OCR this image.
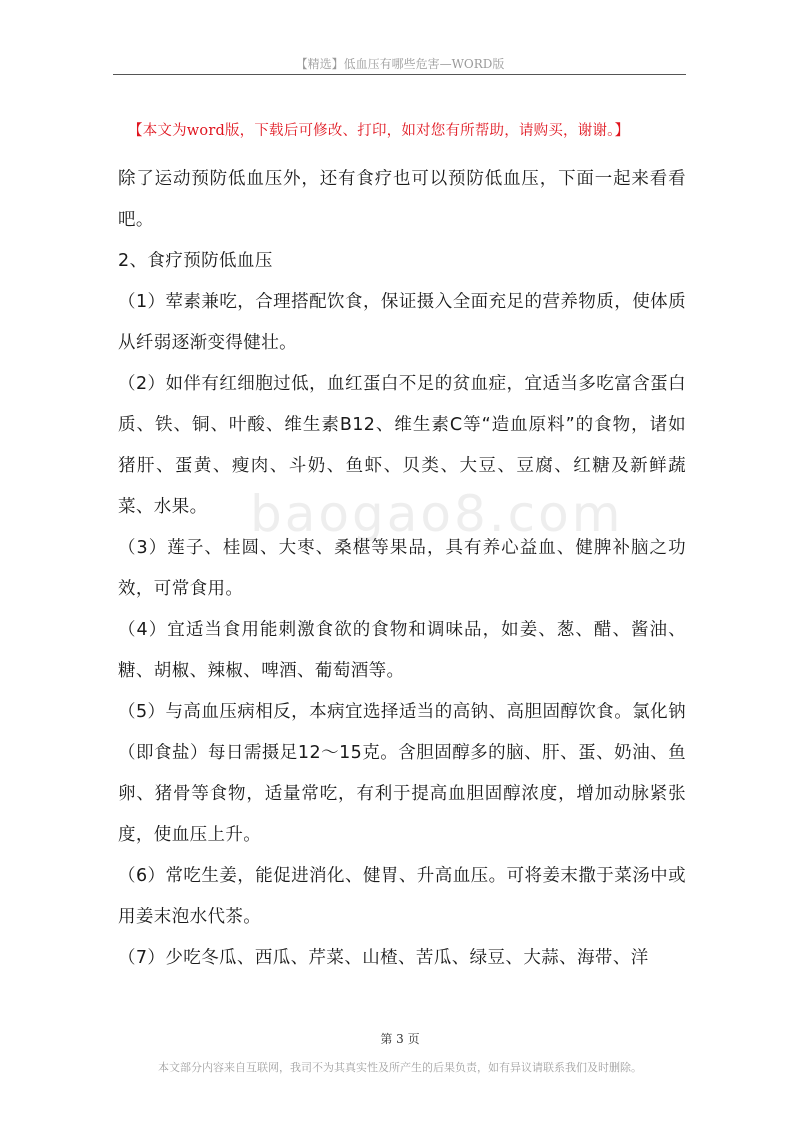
【精选】低血压有哪些危害—WORD版
【本文为word版，下载后可修改、打印，如对您有所帮助，请购买，谢谢。】
baogao8.com

除了运动预防低血压外，还有食疗也可以预防低血压，下面一起来看看吧。

2、食疗预防低血压

（1）荤素兼吃，合理搭配饮食，保证摄入全面充足的营养物质，使体质从纤弱逐渐变得健壮。

（2）如伴有红细胞过低，血红蛋白不足的贫血症，宜适当多吃富含蛋白质、铁、铜、叶酸、维生素B12、维生素C等“造血原料”的食物，诸如猪肝、蛋黄、瘦肉、斗奶、鱼虾、贝类、大豆、豆腐、红糖及新鲜蔬菜、水果。

（3）莲子、桂圆、大枣、桑椹等果品，具有养心益血、健脾补脑之功效，可常食用。

（4）宜适当食用能刺激食欲的食物和调味品，如姜、葱、醋、酱油、糖、胡椒、辣椒、啤酒、葡萄酒等。

（5）与高血压病相反，本病宜选择适当的高钠、高胆固醇饮食。氯化钠（即食盐）每日需摄足12～15克。含胆固醇多的脑、肝、蛋、奶油、鱼卵、猪骨等食物，适量常吃，有利于提高血胆固醇浓度，增加动脉紧张度，使血压上升。

（6）常吃生姜，能促进消化、健胃、升高血压。可将姜末撒于菜汤中或用姜末泡水代茶。

（7）少吃冬瓜、西瓜、芹菜、山楂、苦瓜、绿豆、大蒜、海带、洋

第 3 页
本文部分内容来自互联网，我司不为其真实性及所产生的后果负责，如有异议请联系我们及时删除。
